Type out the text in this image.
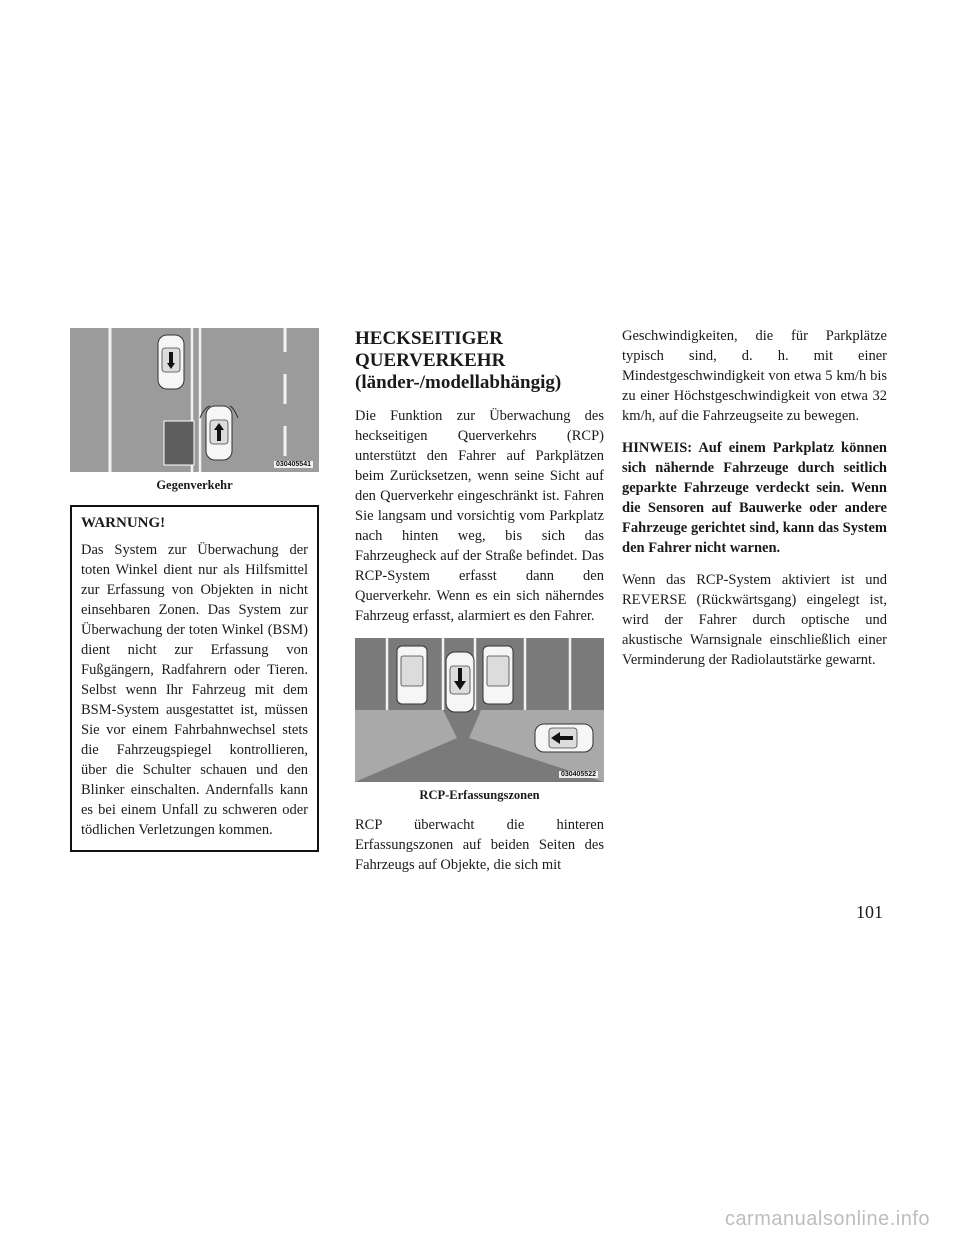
030405541

Gegenverkehr

WARNUNG!

Das System zur Überwachung der toten Winkel dient nur als Hilfsmittel zur Erfassung von Objekten in nicht einsehbaren Zonen. Das System zur Überwachung der toten Winkel (BSM) dient nicht zur Erfassung von Fußgängern, Radfahrern oder Tieren. Selbst wenn Ihr Fahrzeug mit dem BSM-System ausgestattet ist, müssen Sie vor einem Fahrbahnwechsel stets die Fahrzeugspiegel kontrollieren, über die Schulter schauen und den Blinker einschalten. Andernfalls kann es bei einem Unfall zu schweren oder tödlichen Verletzungen kommen.

HECKSEITIGER
QUERVERKEHR
(länder-/modellabhängig)

Die Funktion zur Überwachung des heckseitigen Querverkehrs (RCP) unterstützt den Fahrer auf Parkplätzen beim Zurücksetzen, wenn seine Sicht auf den Querverkehr eingeschränkt ist. Fahren Sie langsam und vorsichtig vom Parkplatz nach hinten weg, bis sich das Fahrzeugheck auf der Straße befindet. Das RCP-System erfasst dann den Querverkehr. Wenn es ein sich näherndes Fahrzeug erfasst, alarmiert es den Fahrer.

030405522

RCP-Erfassungszonen

RCP überwacht die hinteren Erfassungszonen auf beiden Seiten des Fahrzeugs auf Objekte, die sich mit

Geschwindigkeiten, die für Parkplätze typisch sind, d. h. mit einer Mindestgeschwindigkeit von etwa 5 km/h bis zu einer Höchstgeschwindigkeit von etwa 32 km/h, auf die Fahrzeugseite zu bewegen.

HINWEIS: Auf einem Parkplatz können sich nähernde Fahrzeuge durch seitlich geparkte Fahrzeuge verdeckt sein. Wenn die Sensoren auf Bauwerke oder andere Fahrzeuge gerichtet sind, kann das System den Fahrer nicht warnen.

Wenn das RCP-System aktiviert ist und REVERSE (Rückwärtsgang) eingelegt ist, wird der Fahrer durch optische und akustische Warnsignale einschließlich einer Verminderung der Radiolautstärke gewarnt.

101
carmanualsonline.info
